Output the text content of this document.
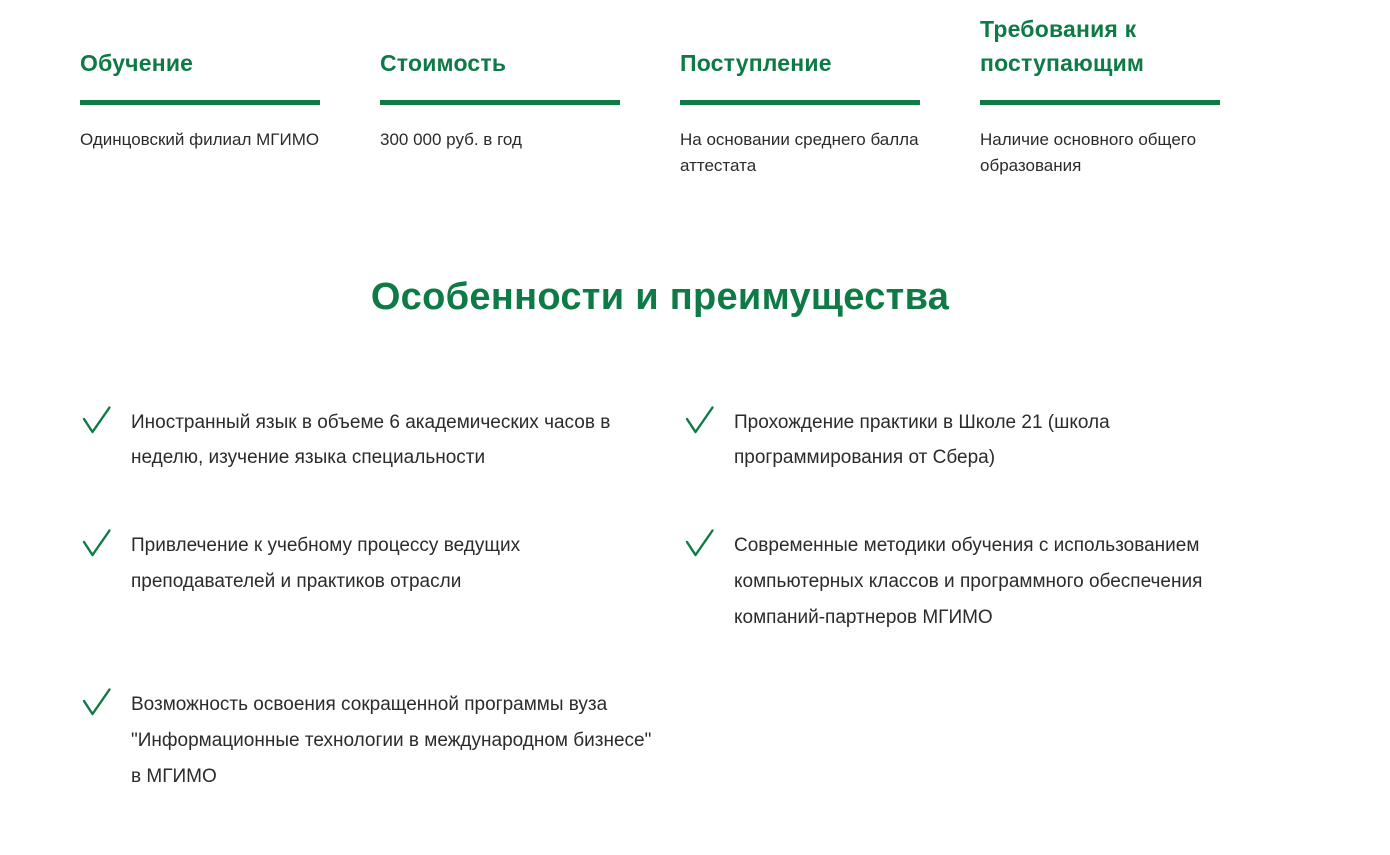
Обучение
Одинцовский филиал МГИМО
Стоимость
300 000 руб. в год
Поступление
На основании среднего балла аттестата
Требования к поступающим
Наличие основного общего образования
Особенности и преимущества
Иностранный язык в объеме 6 академических часов в неделю, изучение языка специальности
Привлечение к учебному процессу ведущих преподавателей и практиков отрасли
Возможность освоения сокращенной программы вуза "Информационные технологии в международном бизнесе" в МГИМО
Прохождение практики в Школе 21 (школа программирования от Сбера)
Современные методики обучения с использованием компьютерных классов и программного обеспечения компаний-партнеров МГИМО
